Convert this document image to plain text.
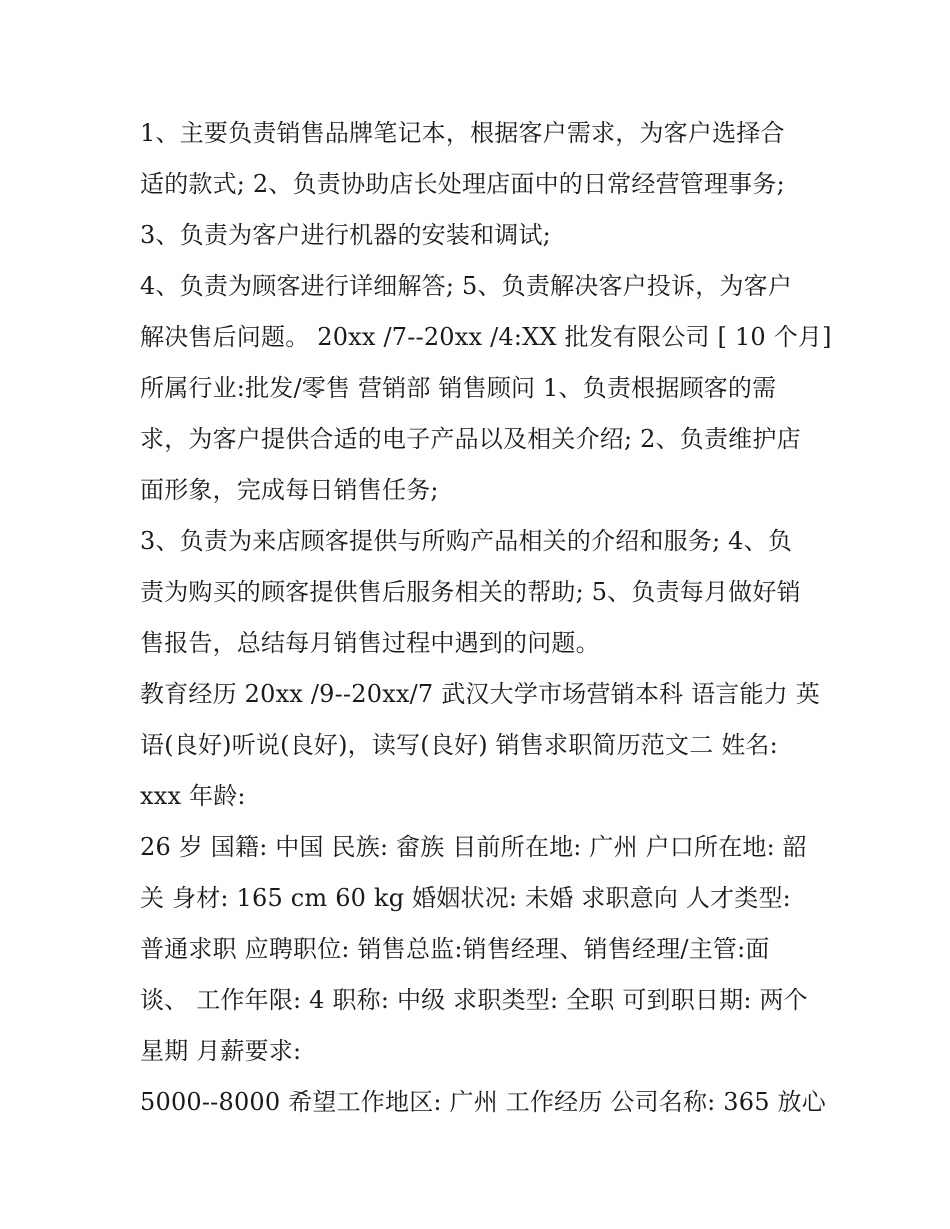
1、主要负责销售品牌笔记本，根据客户需求，为客户选择合
适的款式; 2、负责协助店长处理店面中的日常经营管理事务;
3、负责为客户进行机器的安装和调试;
4、负责为顾客进行详细解答; 5、负责解决客户投诉，为客户
解决售后问题。 20xx /7--20xx /4:XX 批发有限公司 [ 10 个月]
所属行业:批发/零售 营销部 销售顾问 1、负责根据顾客的需
求，为客户提供合适的电子产品以及相关介绍; 2、负责维护店
面形象，完成每日销售任务;
3、负责为来店顾客提供与所购产品相关的介绍和服务; 4、负
责为购买的顾客提供售后服务相关的帮助; 5、负责每月做好销
售报告，总结每月销售过程中遇到的问题。
教育经历 20xx /9--20xx/7 武汉大学市场营销本科 语言能力 英
语(良好)听说(良好)，读写(良好) 销售求职简历范文二 姓名:
xxx 年龄:
26 岁 国籍: 中国 民族: 畲族 目前所在地: 广州 户口所在地: 韶
关 身材: 165 cm 60 kg 婚姻状况: 未婚 求职意向 人才类型:
普通求职 应聘职位: 销售总监:销售经理、销售经理/主管:面
谈、 工作年限: 4 职称: 中级 求职类型: 全职 可到职日期: 两个
星期 月薪要求:
5000--8000 希望工作地区: 广州 工作经历 公司名称: 365 放心
